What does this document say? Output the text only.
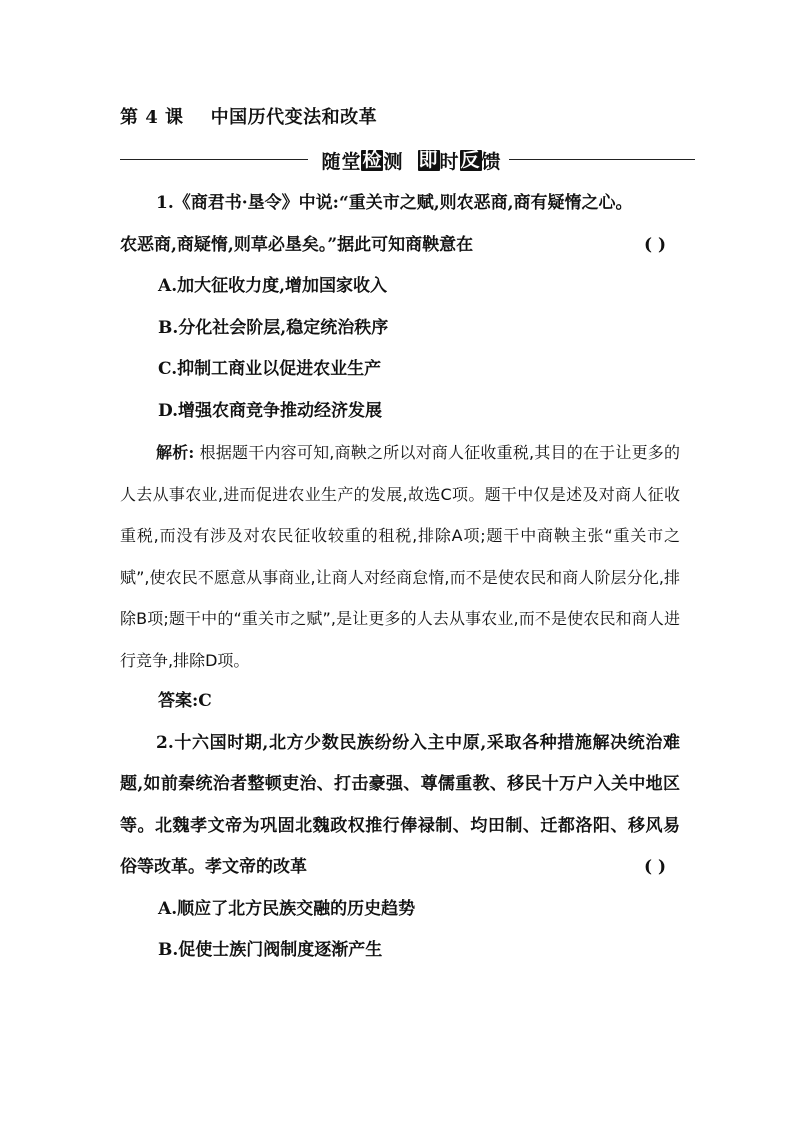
第 4 课    中国历代变法和改革
随 堂 检 测 即 时 反 馈

1.《商君书·垦令》中说:“重关市之赋,则农恶商,商有疑惰之心。

农恶商,商疑惰,则草必垦矣。”据此可知商鞅意在	( )

A.加大征收力度,增加国家收入

B.分化社会阶层,稳定统治秩序

C.抑制工商业以促进农业生产

D.增强农商竞争推动经济发展

解析: 根据题干内容可知,商鞅之所以对商人征收重税,其目的在于让更多的人去从事农业,进而促进农业生产的发展,故选C项。题干中仅是述及对商人征收重税,而没有涉及对农民征收较重的租税,排除A项;题干中商鞅主张“重关市之赋”,使农民不愿意从事商业,让商人对经商怠惰,而不是使农民和商人阶层分化,排除B项;题干中的“重关市之赋”,是让更多的人去从事农业,而不是使农民和商人进行竞争,排除D项。

答案:C

2.十六国时期,北方少数民族纷纷入主中原,采取各种措施解决统治难题,如前秦统治者整顿吏治、打击豪强、尊儒重教、移民十万户入关中地区等。北魏孝文帝为巩固北魏政权推行俸禄制、均田制、迁都洛阳、移风易俗等改革。孝文帝的改革	( )

A.顺应了北方民族交融的历史趋势

B.促使士族门阀制度逐渐产生
